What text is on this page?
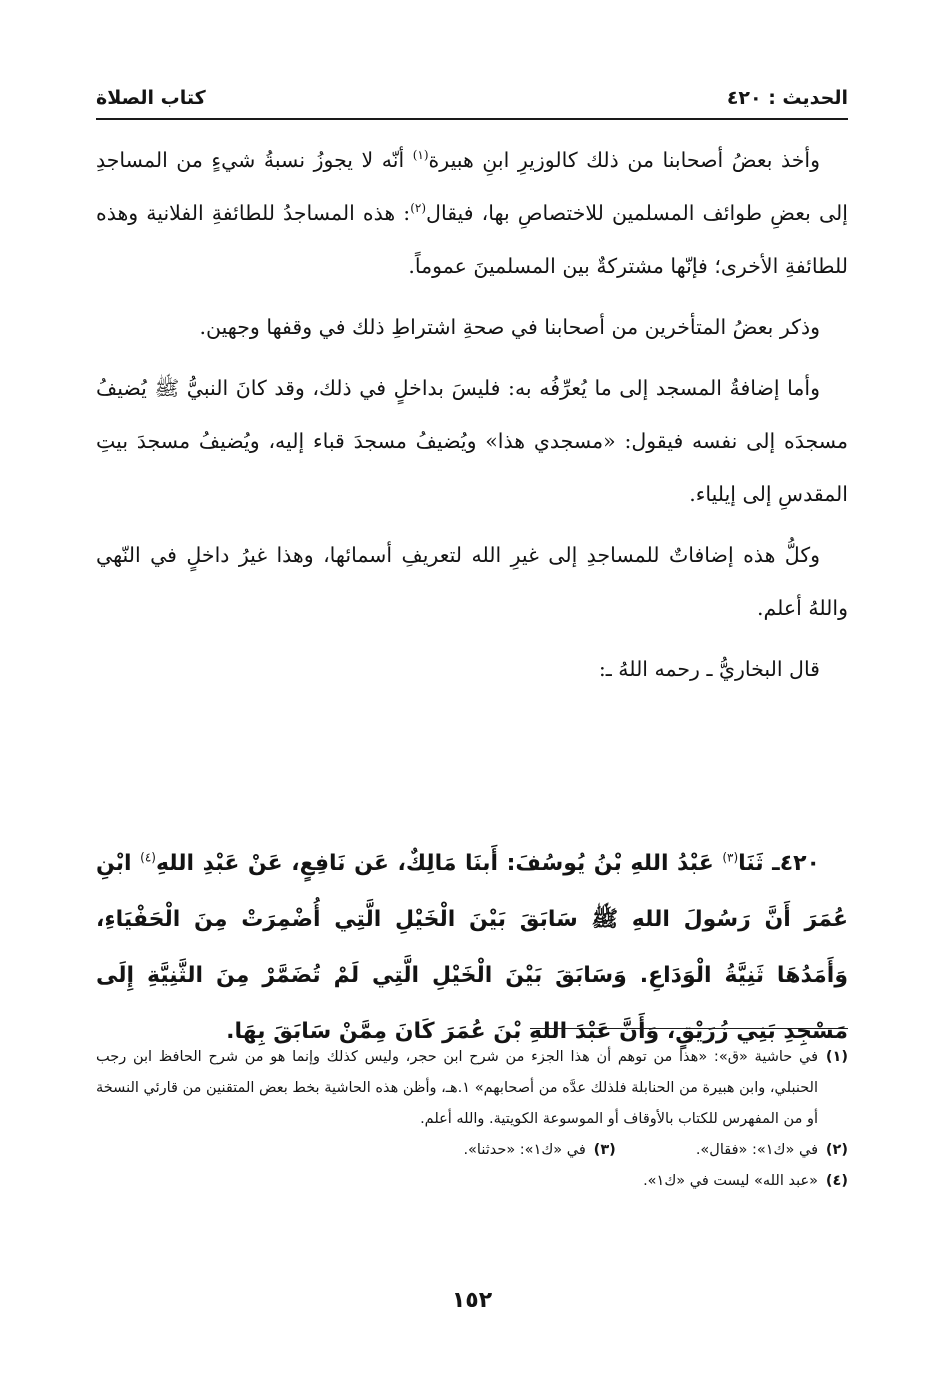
الحديث : ٤٢٠
كتاب الصلاة

وأخذ بعضُ أصحابنا من ذلك كالوزيرِ ابنِ هبيرة$^{(١)}$ أنّه لا يجوزُ نسبةُ شيءٍ من المساجدِ إلى بعضِ طوائف المسلمين للاختصاصِ بها، فيقال$^{(٢)}$: هذه المساجدُ للطائفةِ الفلانية وهذه للطائفةِ الأخرى؛ فإنّها مشتركةٌ بين المسلمينَ عموماً.

وذكر بعضُ المتأخرين من أصحابنا في صحةِ اشتراطِ ذلك في وقفها وجهين.

وأما إضافةُ المسجد إلى ما يُعرِّفُه به: فليسَ بداخلٍ في ذلك، وقد كانَ النبيُّ ﷺ يُضيفُ مسجدَه إلى نفسه فيقول: «مسجدي هذا» ويُضيفُ مسجدَ قباء إليه، ويُضيفُ مسجدَ بيتِ المقدسِ إلى إيلياء.

وكلُّ هذه إضافاتٌ للمساجدِ إلى غيرِ الله لتعريفِ أسمائها، وهذا غيرُ داخلٍ في النّهي واللهُ أعلم.

قال البخاريُّ ـ رحمه اللهُ ـ:

٤٢٠ـ ثَنَا$^{(٣)}$ عَبْدُ اللهِ بْنُ يُوسُفَ: أَبنَا مَالِكٌ، عَن نَافِعٍ، عَنْ عَبْدِ اللهِ$^{(٤)}$ ابْنِ عُمَرَ أَنَّ رَسُولَ اللهِ ﷺ سَابَقَ بَيْنَ الْخَيْلِ الَّتِي أُضْمِرَتْ مِنَ الْحَفْيَاءِ، وَأَمَدُهَا ثَنِيَّةُ الْوَدَاعِ. وَسَابَقَ بَيْنَ الْخَيْلِ الَّتِي لَمْ تُضَمَّرْ مِنَ الثَّنِيَّةِ إِلَى مَسْجِدِ بَنِي زُرَيْقٍ، وَأَنَّ عَبْدَ اللهِ بْنَ عُمَرَ كَانَ مِمَّنْ سَابَقَ بِهَا.

(١)في حاشية «ق»: «هذا من توهم أن هذا الجزء من شرح ابن حجر، وليس كذلك وإنما هو من شرح الحافظ ابن رجب الحنبلي، وابن هبيرة من الحنابلة فلذلك عدَّه من أصحابهم» ١.هـ، وأظن هذه الحاشية بخط بعض المتقنين من قارئي النسخة أو من المفهرس للكتاب بالأوقاف أو الموسوعة الكويتية. والله أعلم.

(٢)في «ك١»: «فقال».

(٣)في «ك١»: «حدثنا».

(٤)«عبد الله» ليست في «ك١».

١٥٢
